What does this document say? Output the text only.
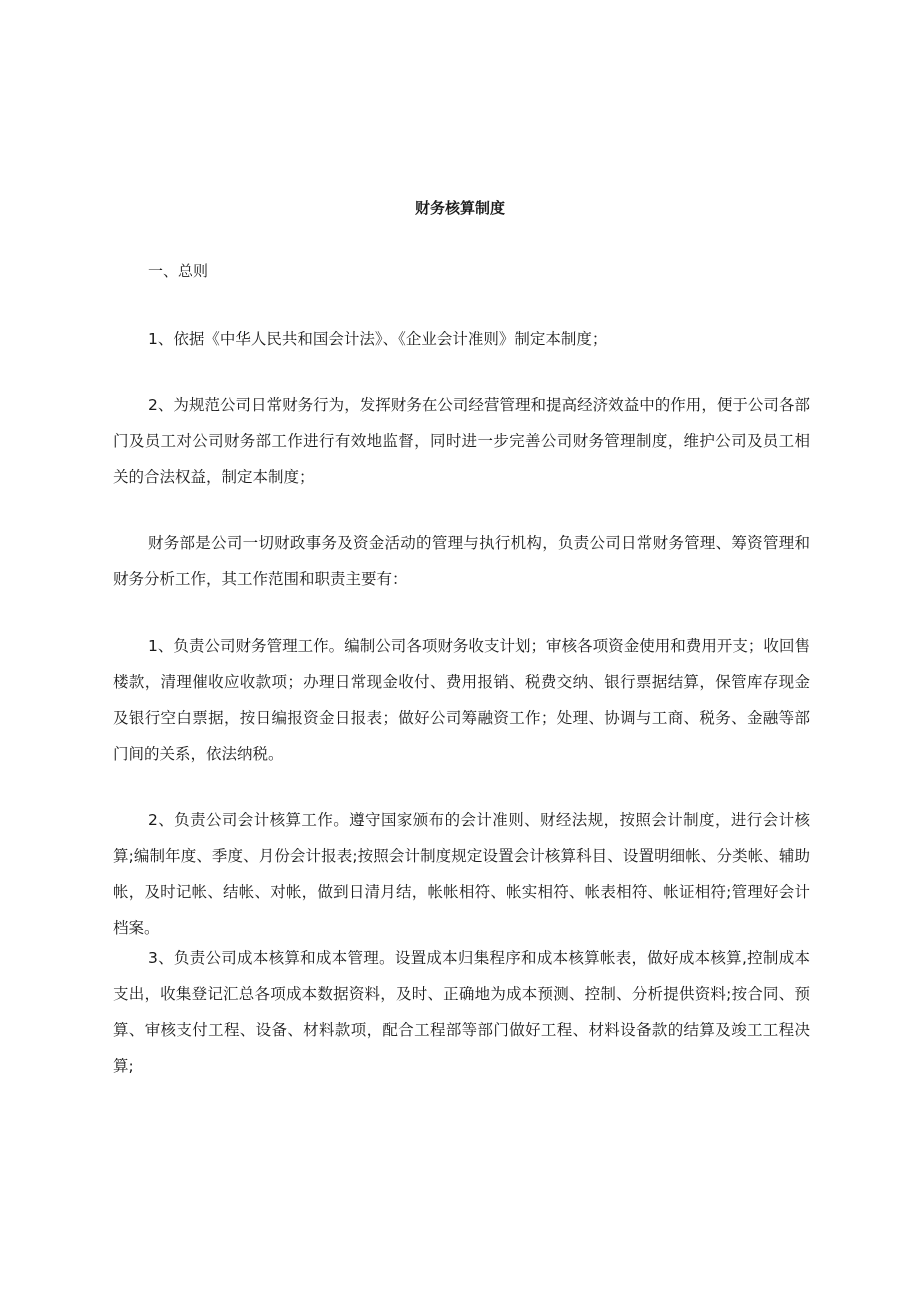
财务核算制度
一、总则

1、依据《中华人民共和国会计法》、《企业会计准则》制定本制度；

2、为规范公司日常财务行为，发挥财务在公司经营管理和提高经济效益中的作用，便于公司各部门及员工对公司财务部工作进行有效地监督，同时进一步完善公司财务管理制度，维护公司及员工相关的合法权益，制定本制度；

财务部是公司一切财政事务及资金活动的管理与执行机构，负责公司日常财务管理、筹资管理和财务分析工作，其工作范围和职责主要有：

1、负责公司财务管理工作。编制公司各项财务收支计划；审核各项资金使用和费用开支；收回售楼款，清理催收应收款项；办理日常现金收付、费用报销、税费交纳、银行票据结算，保管库存现金及银行空白票据，按日编报资金日报表；做好公司筹融资工作；处理、协调与工商、税务、金融等部门间的关系，依法纳税。

2、负责公司会计核算工作。遵守国家颁布的会计准则、财经法规，按照会计制度，进行会计核算;编制年度、季度、月份会计报表;按照会计制度规定设置会计核算科目、设置明细帐、分类帐、辅助帐，及时记帐、结帐、对帐，做到日清月结，帐帐相符、帐实相符、帐表相符、帐证相符;管理好会计档案。

3、负责公司成本核算和成本管理。设置成本归集程序和成本核算帐表，做好成本核算,控制成本支出，收集登记汇总各项成本数据资料，及时、正确地为成本预测、控制、分析提供资料;按合同、预算、审核支付工程、设备、材料款项，配合工程部等部门做好工程、材料设备款的结算及竣工工程决算;
